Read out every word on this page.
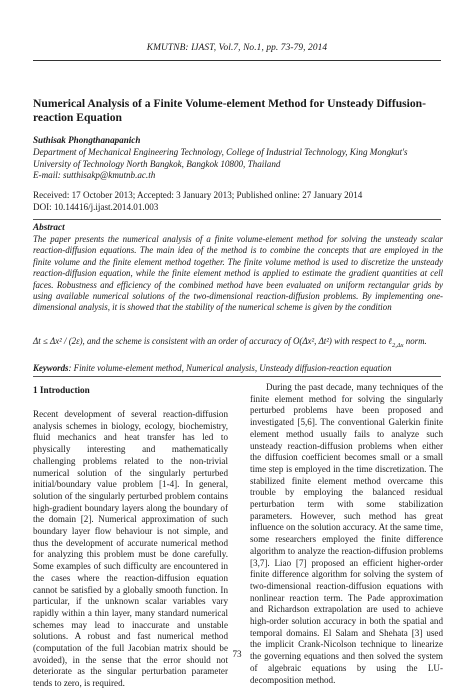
KMUTNB: IJAST, Vol.7, No.1, pp. 73-79, 2014
Numerical Analysis of a Finite Volume-element Method for Unsteady Diffusion-reaction Equation
Suthisak Phongthanapanich
Department of Mechanical Engineering Technology, College of Industrial Technology, King Mongkut's University of Technology North Bangkok, Bangkok 10800, Thailand
E-mail: sutthisakp@kmutnb.ac.th
Received: 17 October 2013; Accepted: 3 January 2013; Published online: 27 January 2014
DOI: 10.14416/j.ijast.2014.01.003
Abstract
The paper presents the numerical analysis of a finite volume-element method for solving the unsteady scalar reaction-diffusion equations. The main idea of the method is to combine the concepts that are employed in the finite volume and the finite element method together. The finite volume method is used to discretize the unsteady reaction-diffusion equation, while the finite element method is applied to estimate the gradient quantities at cell faces. Robustness and efficiency of the combined method have been evaluated on uniform rectangular grids by using available numerical solutions of the two-dimensional reaction-diffusion problems. By implementing one-dimensional analysis, it is showed that the stability of the numerical scheme is given by the condition
Δt ≤ Δx² / (2ε), and the scheme is consistent with an order of accuracy of O(Δx², Δt²) with respect to ℓ$_{2,\Delta x}$ norm.
Keywords: Finite volume-element method, Numerical analysis, Unsteady diffusion-reaction equation
1 Introduction
Recent development of several reaction-diffusion analysis schemes in biology, ecology, biochemistry, fluid mechanics and heat transfer has led to physically interesting and mathematically challenging problems related to the non-trivial numerical solution of the singularly perturbed initial/boundary value problem [1-4]. In general, solution of the singularly perturbed problem contains high-gradient boundary layers along the boundary of the domain [2]. Numerical approximation of such boundary layer flow behaviour is not simple, and thus the development of accurate numerical method for analyzing this problem must be done carefully. Some examples of such difficulty are encountered in the cases where the reaction-diffusion equation cannot be satisfied by a globally smooth function. In particular, if the unknown scalar variables vary rapidly within a thin layer, many standard numerical schemes may lead to inaccurate and unstable solutions. A robust and fast numerical method (computation of the full Jacobian matrix should be avoided), in the sense that the error should not deteriorate as the singular perturbation parameter tends to zero, is required.
During the past decade, many techniques of the finite element method for solving the singularly perturbed problems have been proposed and investigated [5,6]. The conventional Galerkin finite element method usually fails to analyze such unsteady reaction-diffusion problems when either the diffusion coefficient becomes small or a small time step is employed in the time discretization. The stabilized finite element method overcame this trouble by employing the balanced residual perturbation term with some stabilization parameters. However, such method has great influence on the solution accuracy. At the same time, some researchers employed the finite difference algorithm to analyze the reaction-diffusion problems [3,7]. Liao [7] proposed an efficient higher-order finite difference algorithm for solving the system of two-dimensional reaction-diffusion equations with nonlinear reaction term. The Pade approximation and Richardson extrapolation are used to achieve high-order solution accuracy in both the spatial and temporal domains. El Salam and Shehata [3] used the implicit Crank-Nicolson technique to linearize the governing equations and then solved the system of algebraic equations by using the LU-decomposition method.
73
